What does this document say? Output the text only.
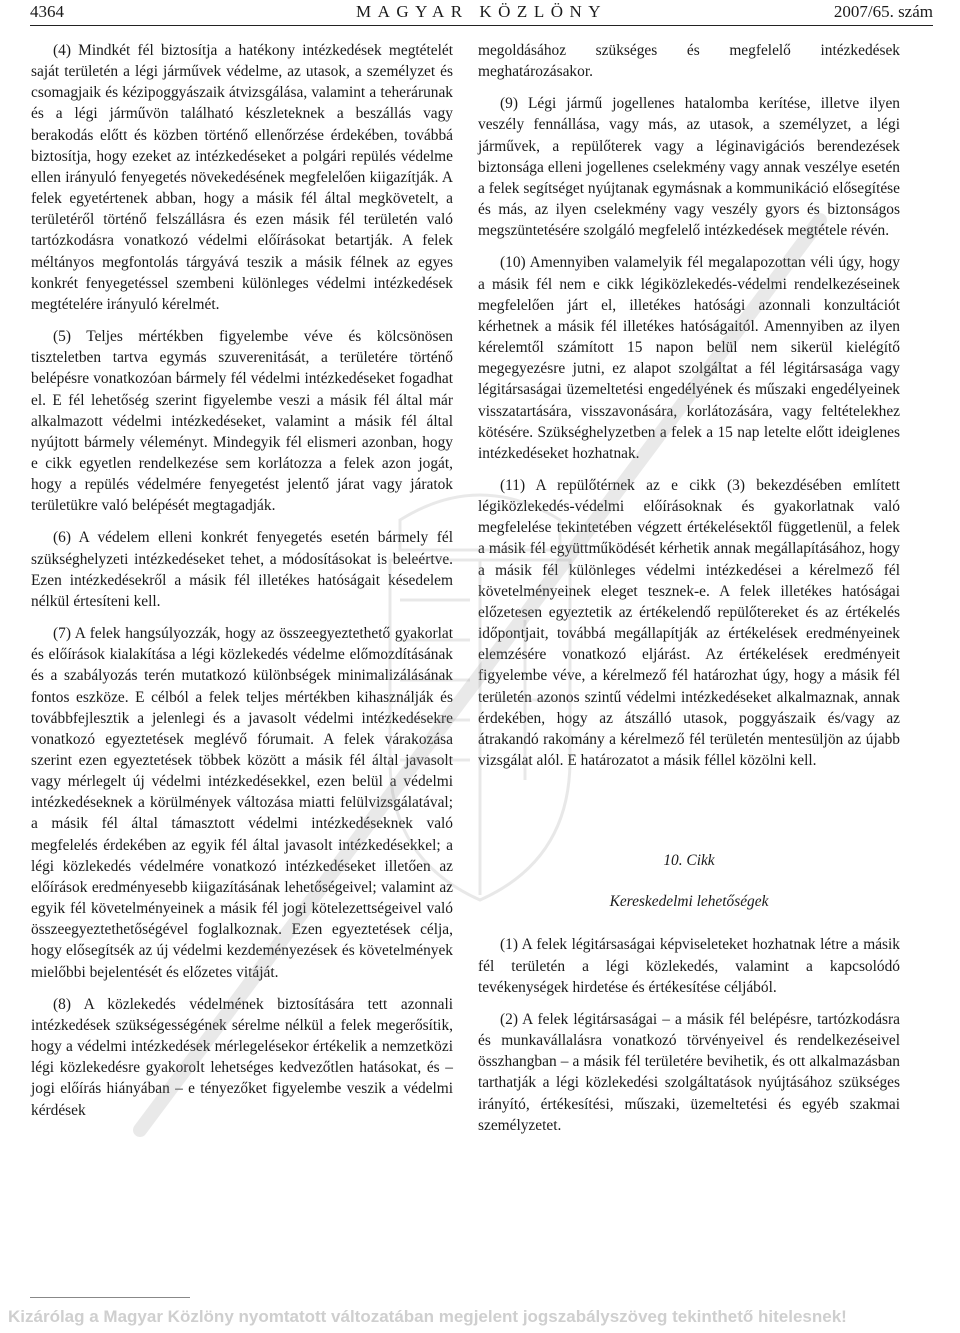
4364	MAGYAR KÖZLÖNY	2007/65. szám

(4) Mindkét fél biztosítja a hatékony intézkedések megtételét saját területén a légi járművek védelme, az utasok, a személyzet és csomagjaik és kézipoggyászaik átvizsgálása, valamint a teherárunak és a légi járművön található készleteknek a beszállás vagy berakodás előtt és közben történő ellenőrzése érdekében, továbbá biztosítja, hogy ezeket az intézkedéseket a polgári repülés védelme ellen irányuló fenyegetés növekedésének megfelelően kiigazítják. A felek egyetértenek abban, hogy a másik fél által megkövetelt, a területéről történő felszállásra és ezen másik fél területén való tartózkodásra vonatkozó védelmi előírásokat betartják. A felek méltányos megfontolás tárgyává teszik a másik félnek az egyes konkrét fenyegetéssel szembeni különleges védelmi intézkedések megtételére irányuló kérelmét.

(5) Teljes mértékben figyelembe véve és kölcsönösen tiszteletben tartva egymás szuverenitását, a területére történő belépésre vonatkozóan bármely fél védelmi intézkedéseket fogadhat el. E fél lehetőség szerint figyelembe veszi a másik fél által már alkalmazott védelmi intézkedéseket, valamint a másik fél által nyújtott bármely véleményt. Mindegyik fél elismeri azonban, hogy e cikk egyetlen rendelkezése sem korlátozza a felek azon jogát, hogy a repülés védelmére fenyegetést jelentő járat vagy járatok területükre való belépését megtagadják.

(6) A védelem elleni konkrét fenyegetés esetén bármely fél szükséghelyzeti intézkedéseket tehet, a módosításokat is beleértve. Ezen intézkedésekről a másik fél illetékes hatóságait késedelem nélkül értesíteni kell.

(7) A felek hangsúlyozzák, hogy az összeegyeztethető gyakorlat és előírások kialakítása a légi közlekedés védelme előmozdításának és a szabályozás terén mutatkozó különbségek minimalizálásának fontos eszköze. E célból a felek teljes mértékben kihasználják és továbbfejlesztik a jelenlegi és a javasolt védelmi intézkedésekre vonatkozó egyeztetések meglévő fórumait. A felek várakozása szerint ezen egyeztetések többek között a másik fél által javasolt vagy mérlegelt új védelmi intézkedésekkel, ezen belül a védelmi intézkedéseknek a körülmények változása miatti felülvizsgálatával; a másik fél által támasztott védelmi intézkedéseknek való megfelelés érdekében az egyik fél által javasolt intézkedésekkel; a légi közlekedés védelmére vonatkozó intézkedéseket illetően az előírások eredményesebb kiigazításának lehetőségeivel; valamint az egyik fél követelményeinek a másik fél jogi kötelezettségeivel való összeegyeztethetőségével foglalkoznak. Ezen egyeztetések célja, hogy elősegítsék az új védelmi kezdeményezések és követelmények mielőbbi bejelentését és előzetes vitáját.

(8) A közlekedés védelmének biztosítására tett azonnali intézkedések szükségességének sérelme nélkül a felek megerősítik, hogy a védelmi intézkedések mérlegelésekor értékelik a nemzetközi légi közlekedésre gyakorolt lehetséges kedvezőtlen hatásokat, és – jogi előírás hiányában – e tényezőket figyelembe veszik a védelmi kérdések

megoldásához szükséges és megfelelő intézkedések meghatározásakor.

(9) Légi jármű jogellenes hatalomba kerítése, illetve ilyen veszély fennállása, vagy más, az utasok, a személyzet, a légi járművek, a repülőterek vagy a léginavigációs berendezések biztonsága elleni jogellenes cselekmény vagy annak veszélye esetén a felek segítséget nyújtanak egymásnak a kommunikáció elősegítése és más, az ilyen cselekmény vagy veszély gyors és biztonságos megszüntetésére szolgáló megfelelő intézkedések megtétele révén.

(10) Amennyiben valamelyik fél megalapozottan véli úgy, hogy a másik fél nem e cikk légiközlekedés-védelmi rendelkezéseinek megfelelően járt el, illetékes hatósági azonnali konzultációt kérhetnek a másik fél illetékes hatóságaitól. Amennyiben az ilyen kérelemtől számított 15 napon belül nem sikerül kielégítő megegyezésre jutni, ez alapot szolgáltat a fél légitársasága vagy légitársaságai üzemeltetési engedélyének és műszaki engedélyeinek visszatartására, visszavonására, korlátozására, vagy feltételekhez kötésére. Szükséghelyzetben a felek a 15 nap letelte előtt ideiglenes intézkedéseket hozhatnak.

(11) A repülőtérnek az e cikk (3) bekezdésében említett légiközlekedés-védelmi előírásoknak és gyakorlatnak való megfelelése tekintetében végzett értékelésektől függetlenül, a felek a másik fél együttműködését kérhetik annak megállapításához, hogy a másik fél különleges védelmi intézkedései a kérelmező fél követelményeinek eleget tesznek-e. A felek illetékes hatóságai előzetesen egyeztetik az értékelendő repülőtereket és az értékelés időpontjait, továbbá megállapítják az értékelések eredményeinek elemzésére vonatkozó eljárást. Az értékelések eredményeit figyelembe véve, a kérelmező fél határozhat úgy, hogy a másik fél területén azonos szintű védelmi intézkedéseket alkalmaznak, annak érdekében, hogy az átszálló utasok, poggyászaik és/vagy az átrakandó rakomány a kérelmező fél területén mentesüljön az újabb vizsgálat alól. E határozatot a másik féllel közölni kell.

10. Cikk

Kereskedelmi lehetőségek

(1) A felek légitársaságai képviseleteket hozhatnak létre a másik fél területén a légi közlekedés, valamint a kapcsolódó tevékenységek hirdetése és értékesítése céljából.

(2) A felek légitársaságai – a másik fél belépésre, tartózkodásra és munkavállalásra vonatkozó törvényeivel és rendelkezéseivel összhangban – a másik fél területére bevihetik, és ott alkalmazásban tarthatják a légi közlekedési szolgáltatások nyújtásához szükséges irányító, értékesítési, műszaki, üzemeltetési és egyéb szakmai személyzetet.

Kizárólag a Magyar Közlöny nyomtatott változatában megjelent jogszabályszöveg tekinthető hitelesnek!
